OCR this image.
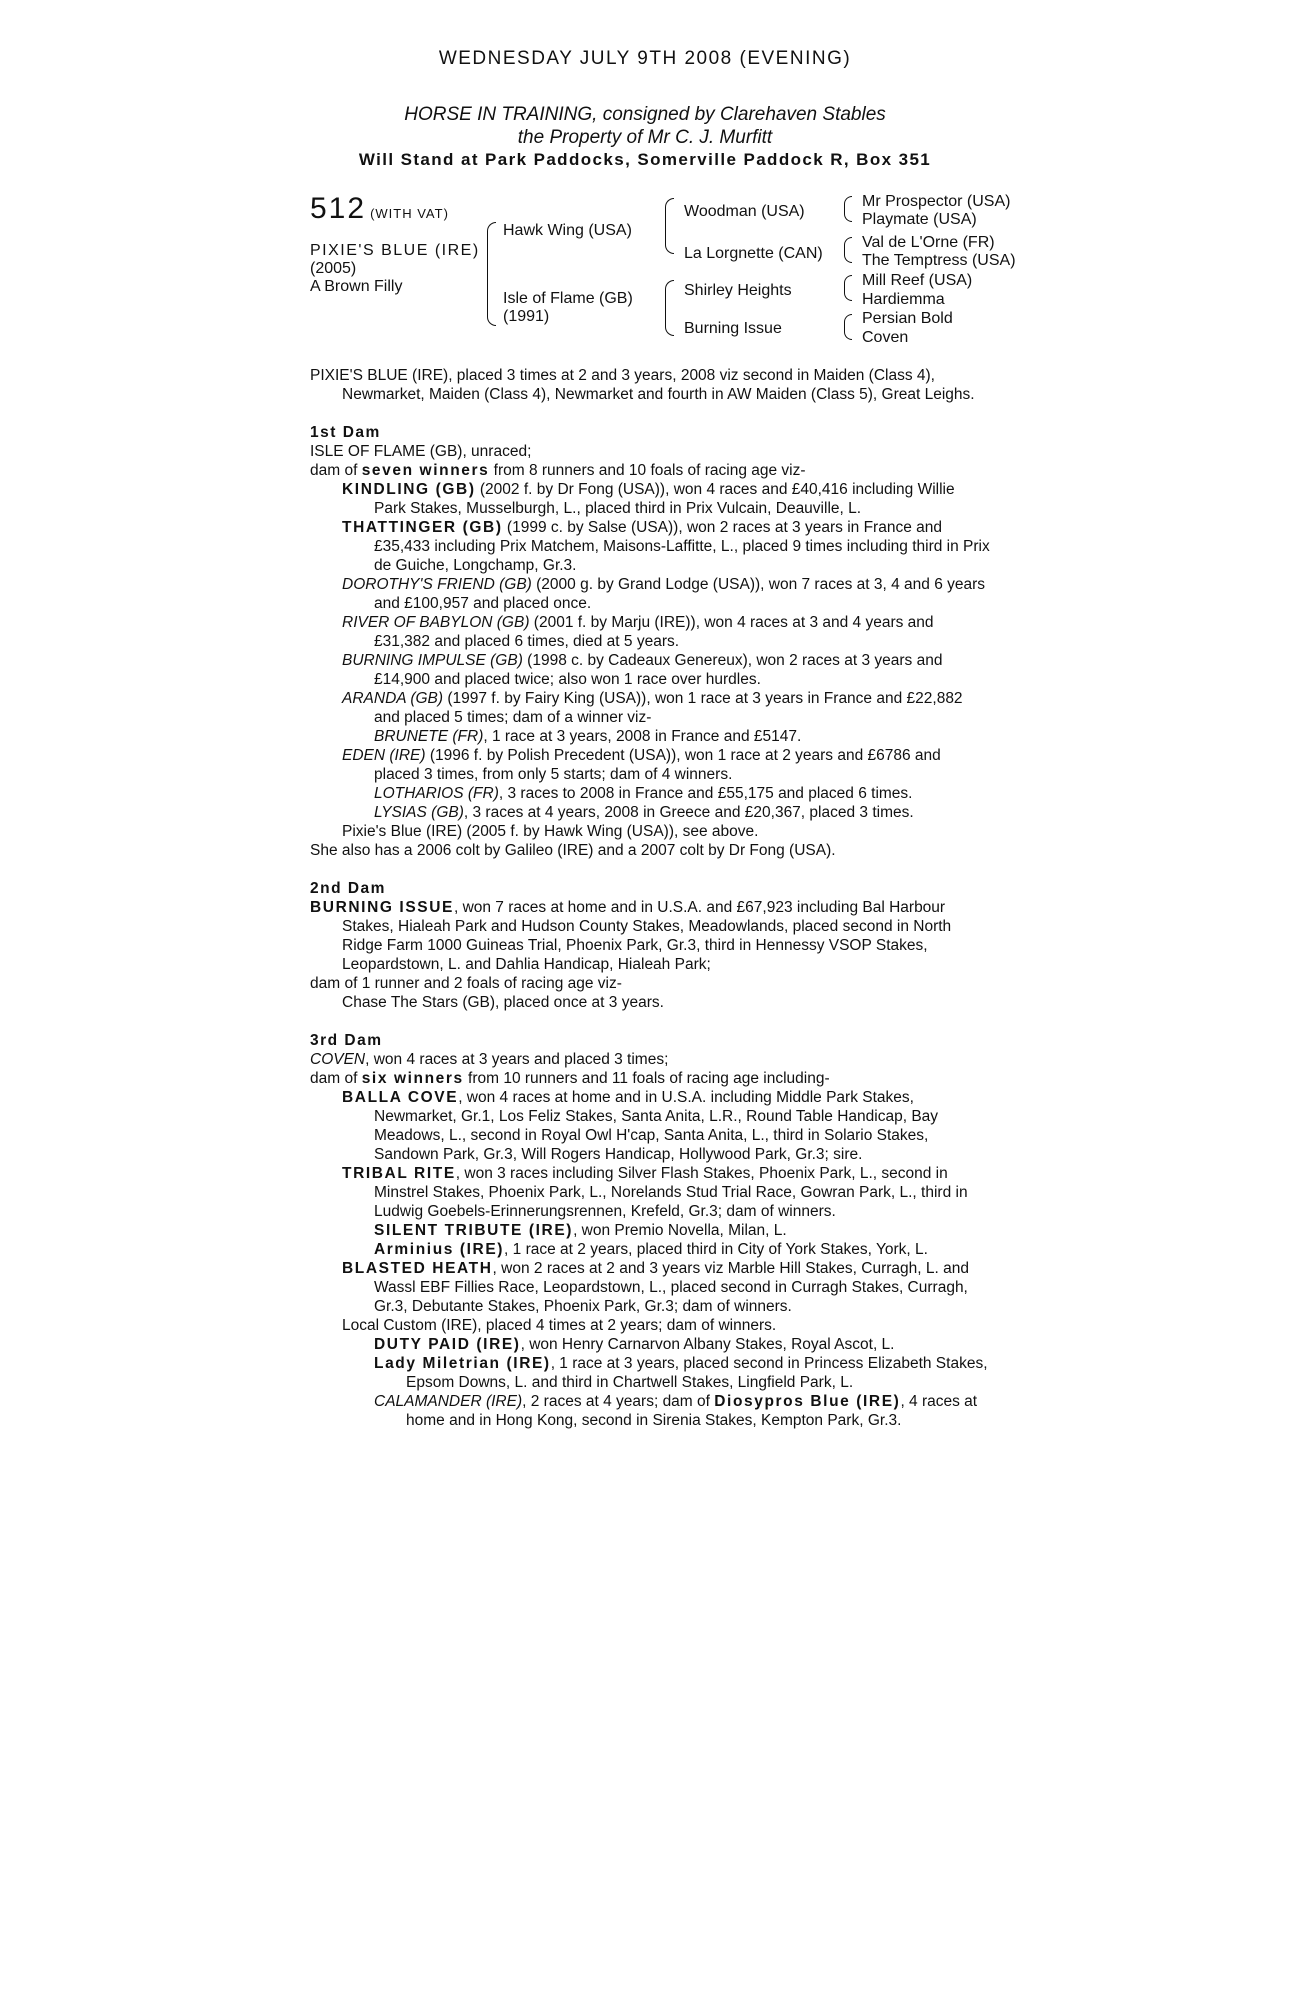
WEDNESDAY JULY 9TH 2008 (EVENING)
HORSE IN TRAINING, consigned by Clarehaven Stables
the Property of Mr C. J. Murfitt
Will Stand at Park Paddocks, Somerville Paddock R, Box 351
512 (WITH VAT)
PIXIE'S BLUE (IRE)
(2005)
A Brown Filly
Hawk Wing (USA)
Isle of Flame (GB)
(1991)
Woodman (USA)
La Lorgnette (CAN)
Shirley Heights
Burning Issue
Mr Prospector (USA)
Playmate (USA)
Val de L'Orne (FR)
The Temptress (USA)
Mill Reef (USA)
Hardiemma
Persian Bold
Coven

PIXIE'S BLUE (IRE), placed 3 times at 2 and 3 years, 2008 viz second in Maiden (Class 4), Newmarket, Maiden (Class 4), Newmarket and fourth in AW Maiden (Class 5), Great Leighs.

1st Dam

ISLE OF FLAME (GB), unraced;

dam of seven winners from 8 runners and 10 foals of racing age viz-

KINDLING (GB) (2002 f. by Dr Fong (USA)), won 4 races and £40,416 including Willie Park Stakes, Musselburgh, L., placed third in Prix Vulcain, Deauville, L.

THATTINGER (GB) (1999 c. by Salse (USA)), won 2 races at 3 years in France and £35,433 including Prix Matchem, Maisons-Laffitte, L., placed 9 times including third in Prix de Guiche, Longchamp, Gr.3.

DOROTHY'S FRIEND (GB) (2000 g. by Grand Lodge (USA)), won 7 races at 3, 4 and 6 years and £100,957 and placed once.

RIVER OF BABYLON (GB) (2001 f. by Marju (IRE)), won 4 races at 3 and 4 years and £31,382 and placed 6 times, died at 5 years.

BURNING IMPULSE (GB) (1998 c. by Cadeaux Genereux), won 2 races at 3 years and £14,900 and placed twice; also won 1 race over hurdles.

ARANDA (GB) (1997 f. by Fairy King (USA)), won 1 race at 3 years in France and £22,882 and placed 5 times; dam of a winner viz-

BRUNETE (FR), 1 race at 3 years, 2008 in France and £5147.

EDEN (IRE) (1996 f. by Polish Precedent (USA)), won 1 race at 2 years and £6786 and placed 3 times, from only 5 starts; dam of 4 winners.

LOTHARIOS (FR), 3 races to 2008 in France and £55,175 and placed 6 times.

LYSIAS (GB), 3 races at 4 years, 2008 in Greece and £20,367, placed 3 times.

Pixie's Blue (IRE) (2005 f. by Hawk Wing (USA)), see above.

She also has a 2006 colt by Galileo (IRE) and a 2007 colt by Dr Fong (USA).

2nd Dam

BURNING ISSUE, won 7 races at home and in U.S.A. and £67,923 including Bal Harbour Stakes, Hialeah Park and Hudson County Stakes, Meadowlands, placed second in North Ridge Farm 1000 Guineas Trial, Phoenix Park, Gr.3, third in Hennessy VSOP Stakes, Leopardstown, L. and Dahlia Handicap, Hialeah Park;

dam of 1 runner and 2 foals of racing age viz-

Chase The Stars (GB), placed once at 3 years.

3rd Dam

COVEN, won 4 races at 3 years and placed 3 times;

dam of six winners from 10 runners and 11 foals of racing age including-

BALLA COVE, won 4 races at home and in U.S.A. including Middle Park Stakes, Newmarket, Gr.1, Los Feliz Stakes, Santa Anita, L.R., Round Table Handicap, Bay Meadows, L., second in Royal Owl H'cap, Santa Anita, L., third in Solario Stakes, Sandown Park, Gr.3, Will Rogers Handicap, Hollywood Park, Gr.3; sire.

TRIBAL RITE, won 3 races including Silver Flash Stakes, Phoenix Park, L., second in Minstrel Stakes, Phoenix Park, L., Norelands Stud Trial Race, Gowran Park, L., third in Ludwig Goebels-Erinnerungsrennen, Krefeld, Gr.3; dam of winners.

SILENT TRIBUTE (IRE), won Premio Novella, Milan, L.

Arminius (IRE), 1 race at 2 years, placed third in City of York Stakes, York, L.

BLASTED HEATH, won 2 races at 2 and 3 years viz Marble Hill Stakes, Curragh, L. and Wassl EBF Fillies Race, Leopardstown, L., placed second in Curragh Stakes, Curragh, Gr.3, Debutante Stakes, Phoenix Park, Gr.3; dam of winners.

Local Custom (IRE), placed 4 times at 2 years; dam of winners.

DUTY PAID (IRE), won Henry Carnarvon Albany Stakes, Royal Ascot, L.

Lady Miletrian (IRE), 1 race at 3 years, placed second in Princess Elizabeth Stakes, Epsom Downs, L. and third in Chartwell Stakes, Lingfield Park, L.

CALAMANDER (IRE), 2 races at 4 years; dam of Diosypros Blue (IRE), 4 races at home and in Hong Kong, second in Sirenia Stakes, Kempton Park, Gr.3.
